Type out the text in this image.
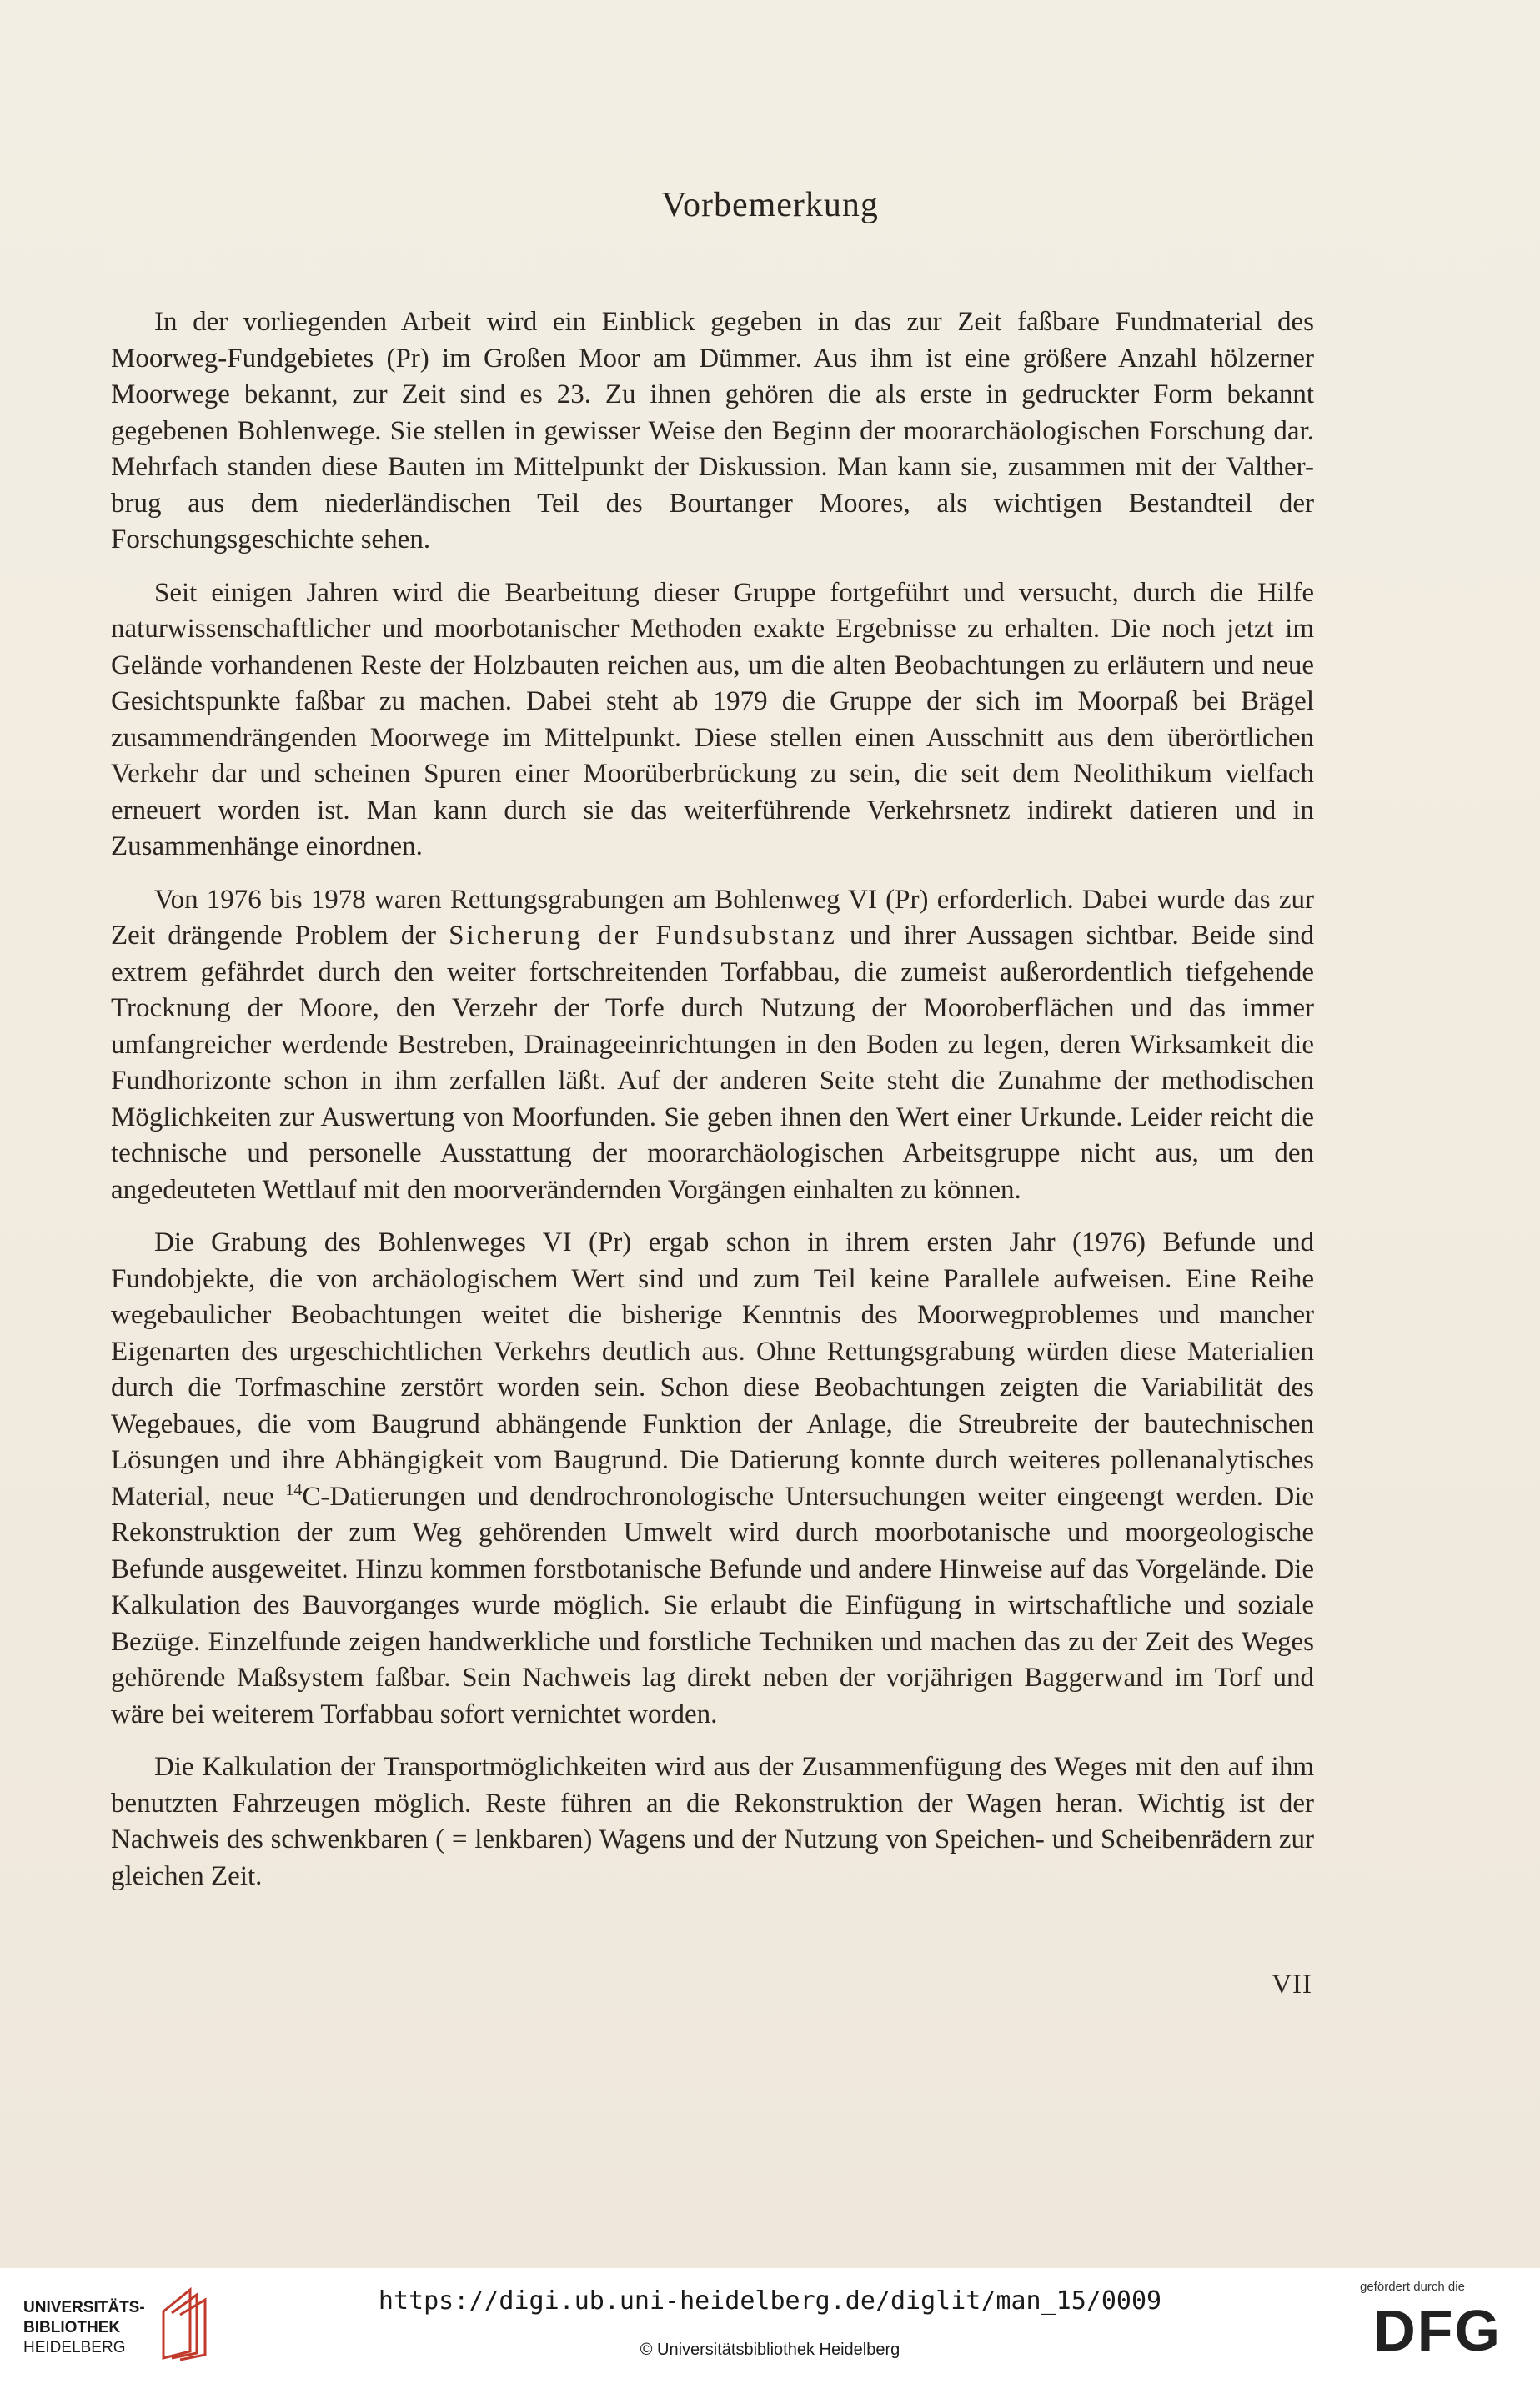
Vorbemerkung

In der vorliegenden Arbeit wird ein Einblick gegeben in das zur Zeit faßbare Fundmaterial des Moorweg-Fundgebietes (Pr) im Großen Moor am Dümmer. Aus ihm ist eine größere Anzahl hölzerner Moorwege bekannt, zur Zeit sind es 23. Zu ihnen gehören die als erste in gedruckter Form bekannt gegebenen Bohlenwege. Sie stellen in gewisser Weise den Beginn der moorarchäologischen Forschung dar. Mehrfach standen diese Bauten im Mittelpunkt der Diskussion. Man kann sie, zusammen mit der Valther-brug aus dem niederländischen Teil des Bourtanger Moores, als wichtigen Bestandteil der Forschungsgeschichte sehen.

Seit einigen Jahren wird die Bearbeitung dieser Gruppe fortgeführt und versucht, durch die Hilfe naturwissenschaftlicher und moorbotanischer Methoden exakte Ergebnisse zu erhalten. Die noch jetzt im Gelände vorhandenen Reste der Holzbauten reichen aus, um die alten Beobachtungen zu erläutern und neue Gesichtspunkte faßbar zu machen. Dabei steht ab 1979 die Gruppe der sich im Moorpaß bei Brägel zusammendrängenden Moorwege im Mittelpunkt. Diese stellen einen Ausschnitt aus dem überörtlichen Verkehr dar und scheinen Spuren einer Moorüberbrückung zu sein, die seit dem Neolithikum vielfach erneuert worden ist. Man kann durch sie das weiterführende Verkehrsnetz indirekt datieren und in Zusammenhänge einordnen.

Von 1976 bis 1978 waren Rettungsgrabungen am Bohlenweg VI (Pr) erforderlich. Dabei wurde das zur Zeit drängende Problem der Sicherung der Fundsubstanz und ihrer Aussagen sichtbar. Beide sind extrem gefährdet durch den weiter fortschreitenden Torfabbau, die zumeist außerordentlich tiefgehende Trocknung der Moore, den Verzehr der Torfe durch Nutzung der Mooroberflächen und das immer umfangreicher werdende Bestreben, Drainageeinrichtungen in den Boden zu legen, deren Wirksamkeit die Fundhorizonte schon in ihm zerfallen läßt. Auf der anderen Seite steht die Zunahme der methodischen Möglichkeiten zur Auswertung von Moorfunden. Sie geben ihnen den Wert einer Urkunde. Leider reicht die technische und personelle Ausstattung der moorarchäologischen Arbeitsgruppe nicht aus, um den angedeuteten Wettlauf mit den moorverändernden Vorgängen einhalten zu können.

Die Grabung des Bohlenweges VI (Pr) ergab schon in ihrem ersten Jahr (1976) Befunde und Fundobjekte, die von archäologischem Wert sind und zum Teil keine Parallele aufweisen. Eine Reihe wegebaulicher Beobachtungen weitet die bisherige Kenntnis des Moorwegproblemes und mancher Eigenarten des urgeschichtlichen Verkehrs deutlich aus. Ohne Rettungsgrabung würden diese Materialien durch die Torfmaschine zerstört worden sein. Schon diese Beobachtungen zeigten die Variabilität des Wegebaues, die vom Baugrund abhängende Funktion der Anlage, die Streubreite der bautechnischen Lösungen und ihre Abhängigkeit vom Baugrund. Die Datierung konnte durch weiteres pollenanalytisches Material, neue $^{14}$C-Datierungen und dendrochronologische Untersuchungen weiter eingeengt werden. Die Rekonstruktion der zum Weg gehörenden Umwelt wird durch moorbotanische und moorgeologische Befunde ausgeweitet. Hinzu kommen forstbotanische Befunde und andere Hinweise auf das Vorgelände. Die Kalkulation des Bauvorganges wurde möglich. Sie erlaubt die Einfügung in wirtschaftliche und soziale Bezüge. Einzelfunde zeigen handwerkliche und forstliche Techniken und machen das zu der Zeit des Weges gehörende Maßsystem faßbar. Sein Nachweis lag direkt neben der vorjährigen Baggerwand im Torf und wäre bei weiterem Torfabbau sofort vernichtet worden.

Die Kalkulation der Transportmöglichkeiten wird aus der Zusammenfügung des Weges mit den auf ihm benutzten Fahrzeugen möglich. Reste führen an die Rekonstruktion der Wagen heran. Wichtig ist der Nachweis des schwenkbaren ( = lenkbaren) Wagens und der Nutzung von Speichen- und Scheibenrädern zur gleichen Zeit.

VII
UNIVERSITÄTS-
BIBLIOTHEK
HEIDELBERG
https://digi.ub.uni-heidelberg.de/diglit/man_15/0009
© Universitätsbibliothek Heidelberg
gefördert durch die
DFG
